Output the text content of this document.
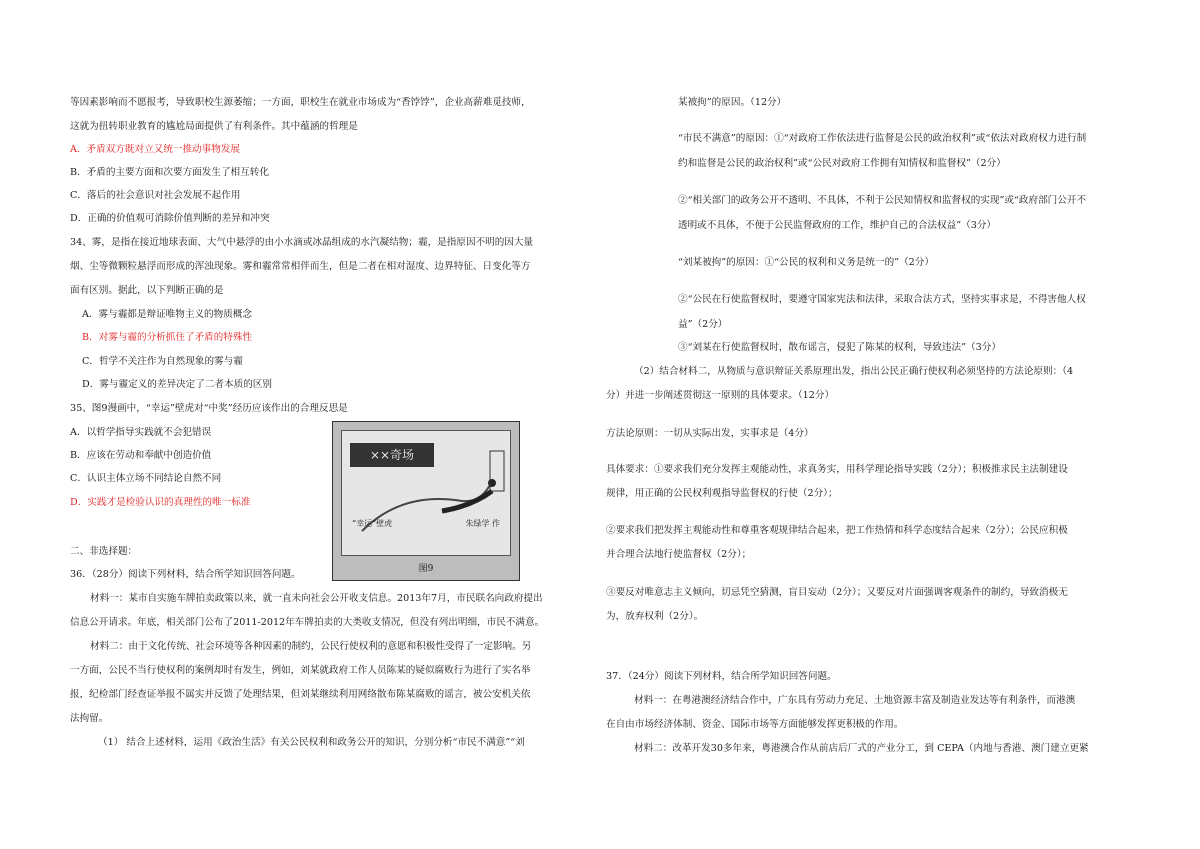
等因素影响而不愿报考，导致职校生源萎缩；一方面，职校生在就业市场成为“香饽饽”，企业高薪难觅技师，
这就为扭转职业教育的尴尬局面提供了有利条件。其中蕴涵的哲理是
A．矛盾双方既对立又统一推动事物发展
B．矛盾的主要方面和次要方面发生了相互转化
C．落后的社会意识对社会发展不起作用
D．正确的价值观可消除价值判断的差异和冲突
34、雾，是指在接近地球表面、大气中悬浮的由小水滴或冰晶组成的水汽凝结物；霾，是指原因不明的因大量
烟、尘等微颗粒悬浮而形成的浑浊现象。雾和霾常常相伴而生，但是二者在相对湿度、边界特征、日变化等方
面有区别。据此，以下判断正确的是
A．雾与霾都是辩证唯物主义的物质概念
B．对雾与霾的分析抓住了矛盾的特殊性
C．哲学不关注作为自然现象的雾与霾
D．雾与霾定义的差异决定了二者本质的区别
35、图9漫画中，“幸运”壁虎对“中奖”经历应该作出的合理反思是
A．以哲学指导实践就不会犯错误
B．应该在劳动和奉献中创造价值
C．认识主体立场不同结论自然不同
D．实践才是检验认识的真理性的唯一标准
二、非选择题：
36．（28分）阅读下列材料，结合所学知识回答问题。
材料一：某市自实施车牌拍卖政策以来，就一直未向社会公开收支信息。2013年7月，市民联名向政府提出
信息公开请求。年底，相关部门公布了2011-2012年车牌拍卖的大类收支情况，但没有列出明细，市民不满意。
材料二：由于文化传统、社会环境等各种因素的制约，公民行使权利的意愿和积极性受得了一定影响。另
一方面，公民不当行使权利的案例却时有发生，例如，刘某就政府工作人员陈某的疑似腐败行为进行了实名举
报，纪检部门经查证举报不属实并反馈了处理结果，但刘某继续利用网络散布陈某腐败的谣言，被公安机关依
法拘留。
（1） 结合上述材料，运用《政治生活》有关公民权利和政务公开的知识，分别分析“市民不满意”“刘
××奇场
“幸运”壁虎	朱绿学 作
图9
某被拘”的原因。（12分）
“市民不满意”的原因：①“对政府工作依法进行监督是公民的政治权利”或“依法对政府权力进行制
约和监督是公民的政治权利”或“公民对政府工作拥有知情权和监督权”（2分）
②“相关部门的政务公开不透明、不具体，不利于公民知情权和监督权的实现”或“政府部门公开不
透明或不具体，不便于公民监督政府的工作，维护自己的合法权益”（3分）
“刘某被拘”的原因：①“公民的权利和义务是统一的”（2分）
②“公民在行使监督权时，要遵守国家宪法和法律，采取合法方式，坚持实事求是，不得害他人权
益”（2分）
③“刘某在行使监督权时，散布谣言，侵犯了陈某的权利，导致违法”（3分）
（2）结合材料二，从物质与意识辩证关系原理出发，指出公民正确行使权利必须坚持的方法论原则：（4
分）并进一步阐述贯彻这一原则的具体要求。（12分）
方法论原则：一切从实际出发，实事求是（4分）
具体要求：①要求我们充分发挥主观能动性，求真务实，用科学理论指导实践（2分）；积极推求民主法制建设
规律，用正确的公民权利观指导监督权的行使（2分）；
②要求我们把发挥主观能动性和尊重客观规律结合起来，把工作热情和科学态度结合起来（2分）；公民应积极
并合理合法地行使监督权（2分）；
③要反对唯意志主义倾向，切忌凭空猜测，盲目妄动（2分）；又要反对片面强调客观条件的制约，导致消极无
为，放弃权利（2分）。
37．（24分）阅读下列材料，结合所学知识回答问题。
材料一：在粤港澳经济结合作中，广东具有劳动力充足、土地资源丰富及制造业发达等有利条件，而港澳
在自由市场经济体制、资金、国际市场等方面能够发挥更积极的作用。
材料二：改革开发30多年来，粤港澳合作从前店后厂式的产业分工，到 CEPA（内地与香港、澳门建立更紧
